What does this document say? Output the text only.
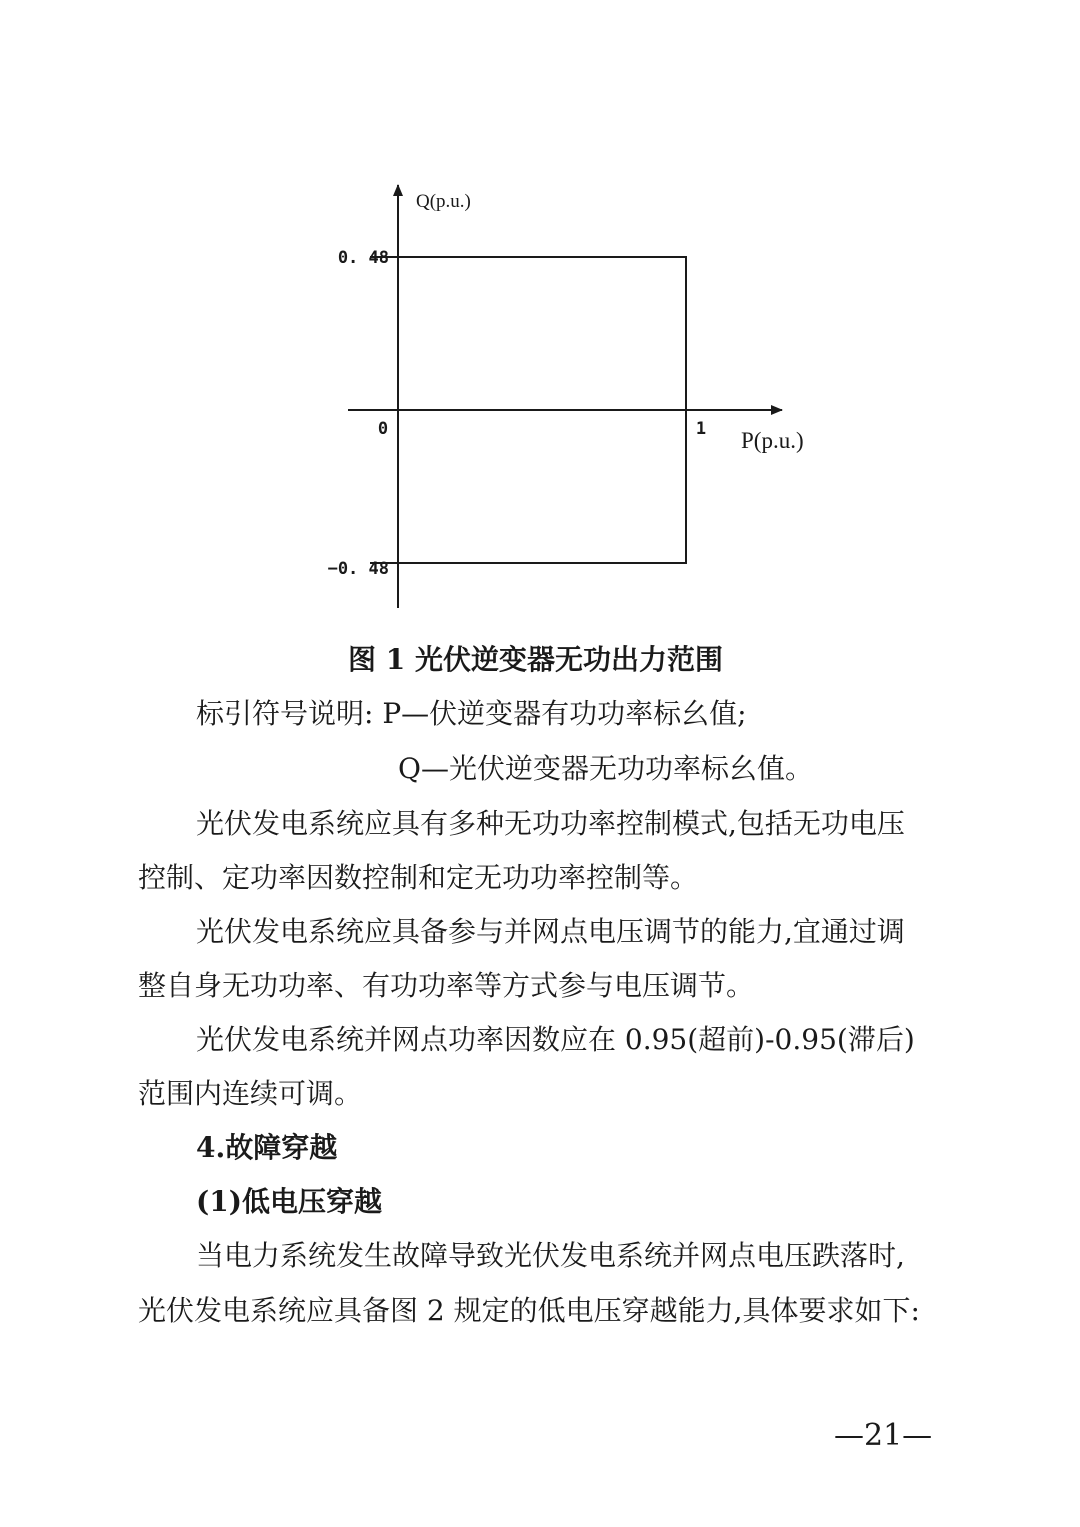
Q(p.u.)
0. 48
−0. 48
0	1 P(p.u.)
图 1 光伏逆变器无功出力范围
标引符号说明: P—伏逆变器有功功率标幺值;
Q—光伏逆变器无功功率标幺值。
光伏发电系统应具有多种无功功率控制模式,包括无功电压
控制、定功率因数控制和定无功功率控制等。
光伏发电系统应具备参与并网点电压调节的能力,宜通过调
整自身无功功率、有功功率等方式参与电压调节。
光伏发电系统并网点功率因数应在 0.95(超前)-0.95(滞后)
范围内连续可调。
4.故障穿越
(1)低电压穿越
当电力系统发生故障导致光伏发电系统并网点电压跌落时,
光伏发电系统应具备图 2 规定的低电压穿越能力,具体要求如下:
—21—
